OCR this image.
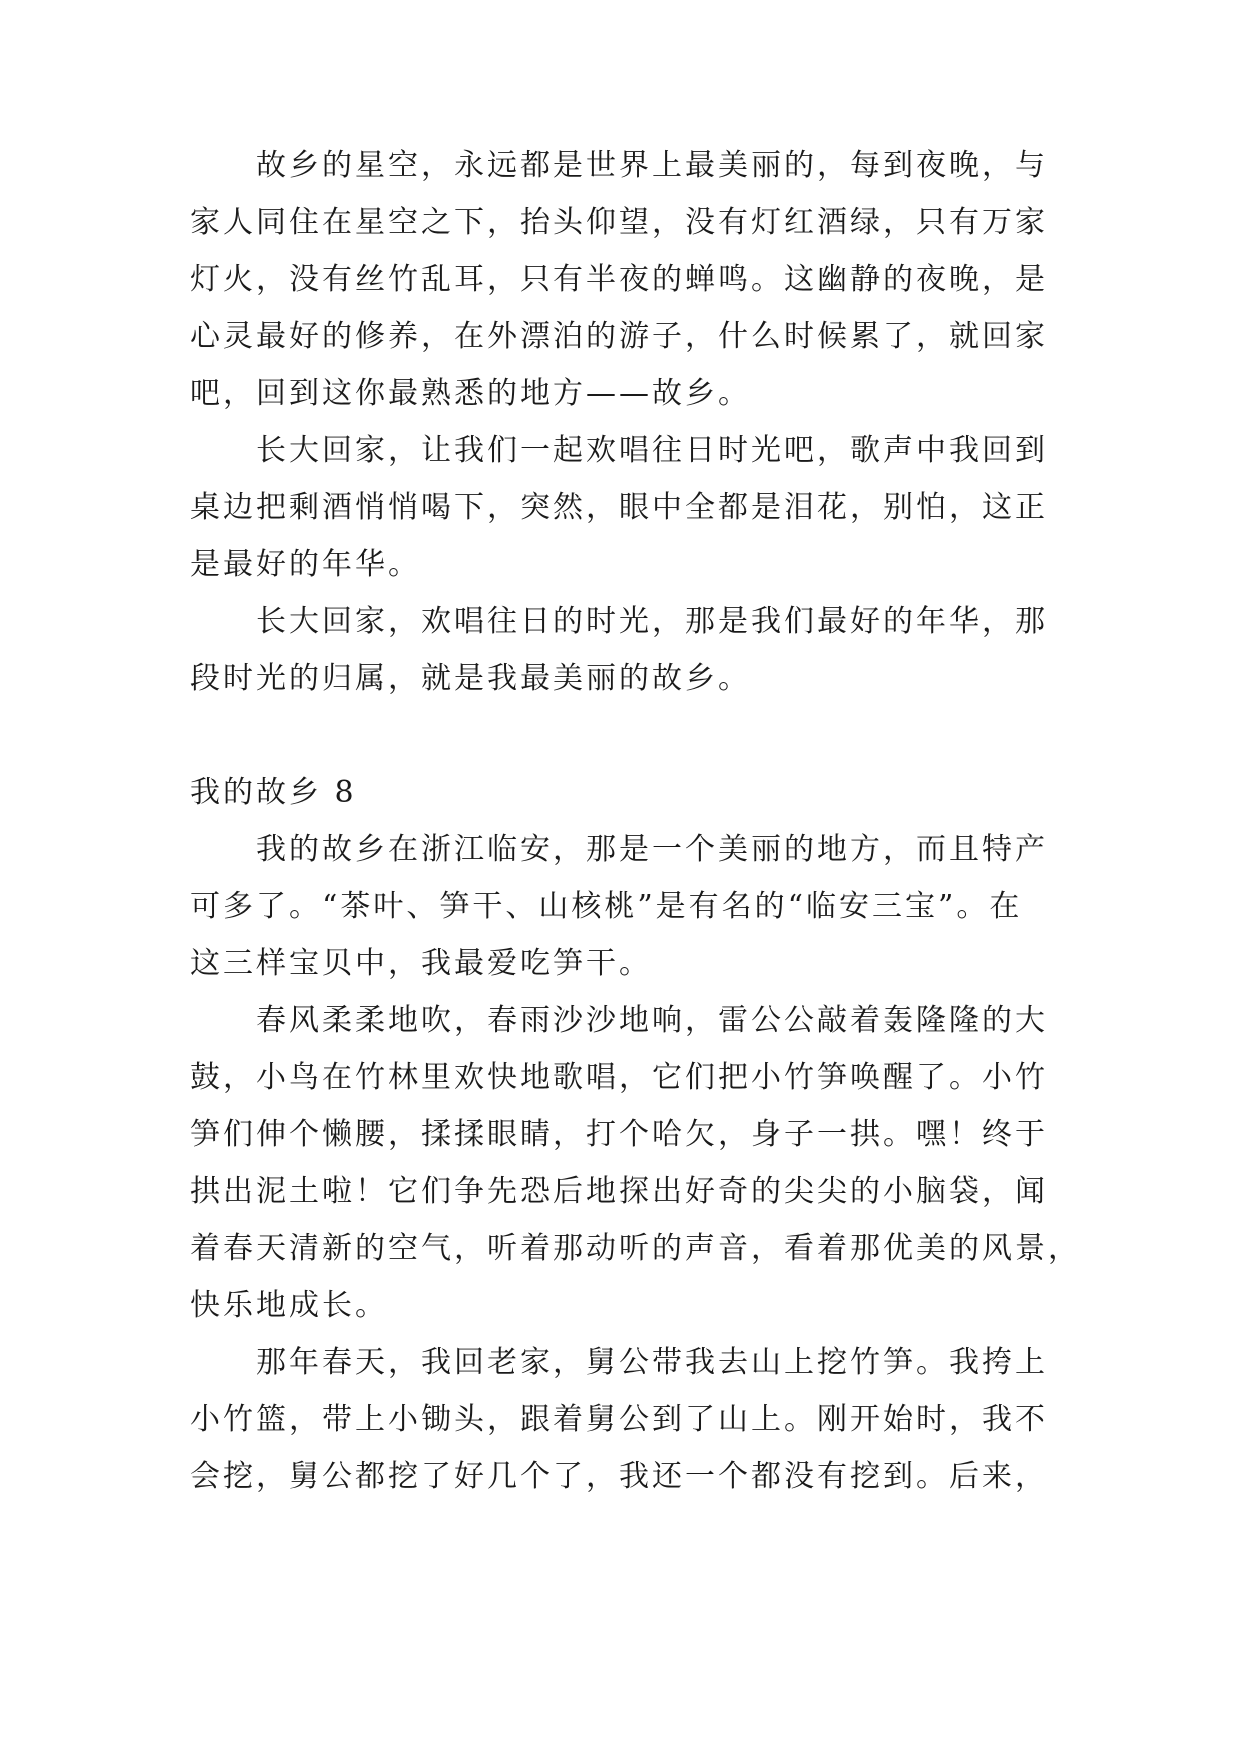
故乡的星空，永远都是世界上最美丽的，每到夜晚，与
家人同住在星空之下，抬头仰望，没有灯红酒绿，只有万家
灯火，没有丝竹乱耳，只有半夜的蝉鸣。这幽静的夜晚，是
心灵最好的修养，在外漂泊的游子，什么时候累了，就回家
吧，回到这你最熟悉的地方——故乡。
长大回家，让我们一起欢唱往日时光吧，歌声中我回到
桌边把剩酒悄悄喝下，突然，眼中全都是泪花，别怕，这正
是最好的年华。
长大回家，欢唱往日的时光，那是我们最好的年华，那
段时光的归属，就是我最美丽的故乡。
我的故乡 8
我的故乡在浙江临安，那是一个美丽的地方，而且特产
可多了。“茶叶、笋干、山核桃”是有名的“临安三宝”。在
这三样宝贝中，我最爱吃笋干。
春风柔柔地吹，春雨沙沙地响，雷公公敲着轰隆隆的大
鼓，小鸟在竹林里欢快地歌唱，它们把小竹笋唤醒了。小竹
笋们伸个懒腰，揉揉眼睛，打个哈欠，身子一拱。嘿！终于
拱出泥土啦！它们争先恐后地探出好奇的尖尖的小脑袋，闻
着春天清新的空气，听着那动听的声音，看着那优美的风景，
快乐地成长。
那年春天，我回老家，舅公带我去山上挖竹笋。我挎上
小竹篮，带上小锄头，跟着舅公到了山上。刚开始时，我不
会挖，舅公都挖了好几个了，我还一个都没有挖到。后来，
